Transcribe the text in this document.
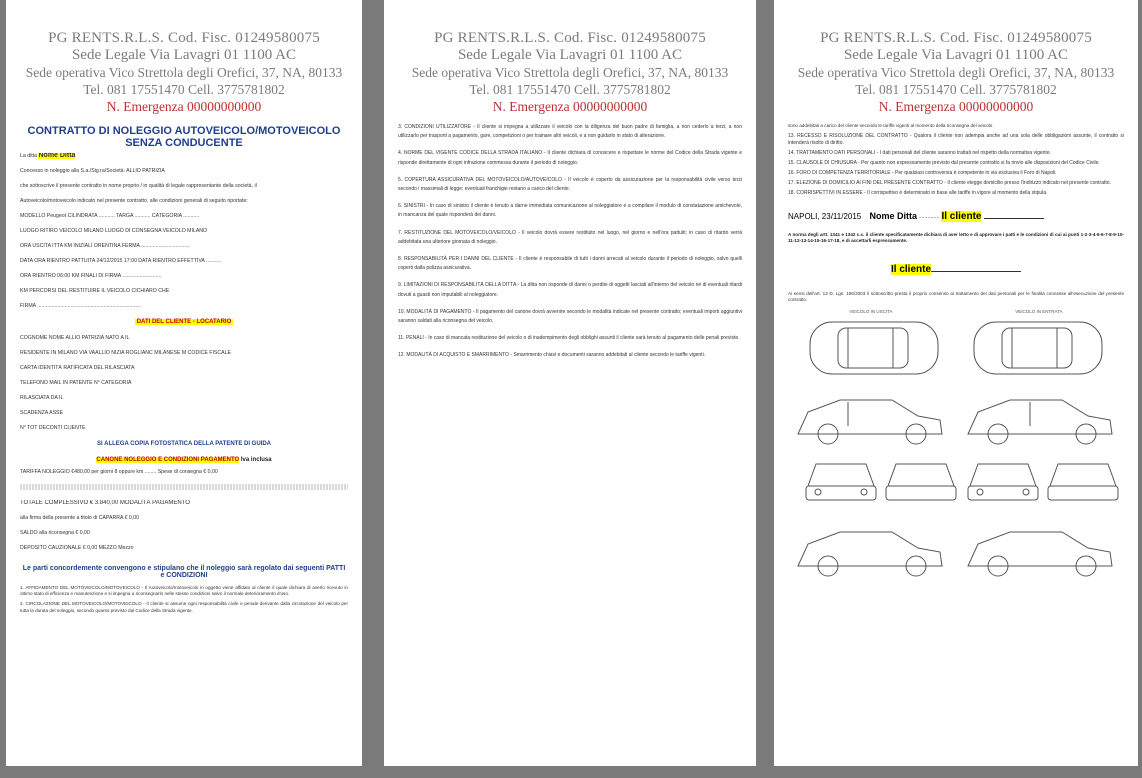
PG RENTS.R.L.S. Cod. Fisc. 01249580075
Sede Legale Via Lavagri 01 1100 AC
Sede operativa Vico Strettola degli Orefici, 37, NA, 80133
Tel. 081 17551470 Cell. 3775781802
N. Emergenza 00000000000
CONTRATTO DI NOLEGGIO AUTOVEICOLO/MOTOVEICOLO SENZA CONDUCENTE
La ditta Nome Ditta
Concesso in noleggio alla S.a./Sig.ra/Società: ALLIO PATRIZIA
che sottoscrive il presente contratto in nome proprio / in qualità di legale rappresentante della società, il
Autoveicolo/motoveicolo indicato nel presente contratto, alle condizioni generali di seguito riportate:
MODELLO Peugeot CILINDRATA ........... TARGA ........... CATEGORIA ...........
LUOGO RITIRO VEICOLO MILANO LUOGO DI CONSEGNA VEICOLO MILANO
ORA USCITA ITTA KM INIZIALI ORENTINA FERMA ..................................
DATA ORA RIENTRO PATTUITA 24/12/2015 17:00 DATA RIENTRO EFFETTIVA ...........
ORA RIENTRO 06:00 KM FINALI DI FIRMA ...........................
KM PERCORSI DEL RESTITUIRE IL VEICOLO CICHIARO CHE
FIRMA ........................................................................
DATI DEL CLIENTE - LOCATARIO
COGNOME NOME ALLIO PATRIZIA NATO A IL
RESIDENTE IN MILANO VIA VAALLIO NIZIA ROGLIANC MILANESE M CODICE FISCALE
CARTA IDENTITÀ RATIFICATA DEL RILASCIATA
TELEFONO MAIL IN PATENTE N° CATEGORIA
RILASCIATA DA IL
SCADENZA ASSE
N° TOT DECONTI CLIENTE
SI ALLEGA COPIA FOTOSTATICA DELLA PATENTE DI GUIDA
CANONE NOLEGGIO E CONDIZIONI PAGAMENTO Iva inclusa
TARIFFA NOLEGGIO €480,00 per giorni 8 oppure km ........ Spese di consegna € 0,00
TOTALE COMPLESSIVO € 3.840,00 MODALITÀ PAGAMENTO
alla firma della presente a titolo di CAPARRA € 0,00
SALDO alla riconsegna € 0,00
DEPOSITO CAUZIONALE € 0,00 MEZZO Mezzo
Le parti concordemente convengono e stipulano che il noleggio sarà regolato dai seguenti PATTI e CONDIZIONI
1. AFFIDAMENTO DEL MOTOVEICOLO/MOTOVEICOLO - Il Autoveicolo/motoveicolo in oggetto viene affidato al cliente il quale dichiara di averlo ricevuto in ottimo stato di efficienza e manutenzione e si impegna a riconsegnarlo nelle stesse condizioni salvo il normale deterioramento d'uso.
2. CIRCOLAZIONE DEL MOTOVEICOLO/MOTOVEICOLO - Il cliente si assume ogni responsabilità civile e penale derivante dalla circolazione del veicolo per tutta la durata del noleggio, secondo quanto previsto dal Codice della Strada vigente.
PG RENTS.R.L.S. Cod. Fisc. 01249580075
Sede Legale Via Lavagri 01 1100 AC
Sede operativa Vico Strettola degli Orefici, 37, NA, 80133
Tel. 081 17551470 Cell. 3775781802
N. Emergenza 00000000000
3. CONDIZIONI UTILIZZATORE - Il cliente si impegna a utilizzare il veicolo con la diligenza del buon padre di famiglia, a non cederlo a terzi, a non utilizzarlo per trasporti a pagamento, gare, competizioni o per trainare altri veicoli, e a non guidarlo in stato di alterazione.
4. NORME DEL VIGENTE CODICE DELLA STRADA ITALIANO - Il cliente dichiara di conoscere e rispettare le norme del Codice della Strada vigente e risponde direttamente di ogni infrazione commessa durante il periodo di noleggio.
5. COPERTURA ASSICURATIVA DEL MOTOVEICOLO/AUTOVEICOLO - Il veicolo è coperto da assicurazione per la responsabilità civile verso terzi secondo i massimali di legge; eventuali franchigie restano a carico del cliente.
6. SINISTRI - In caso di sinistro il cliente è tenuto a darne immediata comunicazione al noleggiatore e a compilare il modulo di constatazione amichevole, in mancanza del quale risponderà dei danni.
7. RESTITUZIONE DEL MOTOVEICOLO/VEICOLO - Il veicolo dovrà essere restituito nel luogo, nel giorno e nell'ora pattuiti; in caso di ritardo verrà addebitata una ulteriore giornata di noleggio.
8. RESPONSABILITÀ PER I DANNI DEL CLIENTE - Il cliente è responsabile di tutti i danni arrecati al veicolo durante il periodo di noleggio, salvo quelli coperti dalla polizza assicurativa.
9. LIMITAZIONI DI RESPONSABILITÀ DELLA DITTA - La ditta non risponde di danni o perdite di oggetti lasciati all'interno del veicolo né di eventuali ritardi dovuti a guasti non imputabili al noleggiatore.
10. MODALITÀ DI PAGAMENTO - Il pagamento del canone dovrà avvenire secondo le modalità indicate nel presente contratto; eventuali importi aggiuntivi saranno saldati alla riconsegna del veicolo.
11. PENALI - In caso di mancata restituzione del veicolo o di inadempimento degli obblighi assunti il cliente sarà tenuto al pagamento delle penali previste.
12. MODALITÀ DI ACQUISTO E SMARRIMENTO - Smarrimento chiavi e documenti saranno addebitati al cliente secondo le tariffe vigenti.
PG RENTS.R.L.S. Cod. Fisc. 01249580075
Sede Legale Via Lavagri 01 1100 AC
Sede operativa Vico Strettola degli Orefici, 37, NA, 80133
Tel. 081 17551470 Cell. 3775781802
N. Emergenza 00000000000
sono addebitati a carico del cliente secondo le tariffe vigenti al momento della riconsegna del veicolo.
13. RECESSO E RISOLUZIONE DEL CONTRATTO - Qualora il cliente non adempia anche ad una sola delle obbligazioni assunte, il contratto si intenderà risolto di diritto.
14. TRATTAMENTO DATI PERSONALI - I dati personali del cliente saranno trattati nel rispetto della normativa vigente.
15. CLAUSOLE DI CHIUSURA - Per quanto non espressamente previsto dal presente contratto si fa rinvio alle disposizioni del Codice Civile.
16. FORO DI COMPETENZA TERRITORIALE - Per qualsiasi controversia è competente in via esclusiva il Foro di Napoli.
17. ELEZIONE DI DOMICILIO AI FINI DEL PRESENTE CONTRATTO - Il cliente elegge domicilio presso l'indirizzo indicato nel presente contratto.
18. CORRISPETTIVI IN ESSERE - Il corrispettivo è determinato in base alle tariffe in vigore al momento della stipula.
NAPOLI, 23/11/2015 Nome Ditta Il cliente
A norma degli artt. 1341 e 1342 c.c. il cliente specificatamente dichiara di aver letto e di approvare i patti e le condizioni di cui ai punti 1-2-3-4-5-6-7-8-9-10-11-12-13-14-15-16-17-18, e di accettarli espressamente.
Il cliente
Ai sensi dell'art. 13 D. Lgs. 196/2003 il sottoscritto presta il proprio consenso al trattamento dei dati personali per le finalità connesse all'esecuzione del presente contratto.
VEICOLO IN USCITA	VEICOLO IN ENTRATA
